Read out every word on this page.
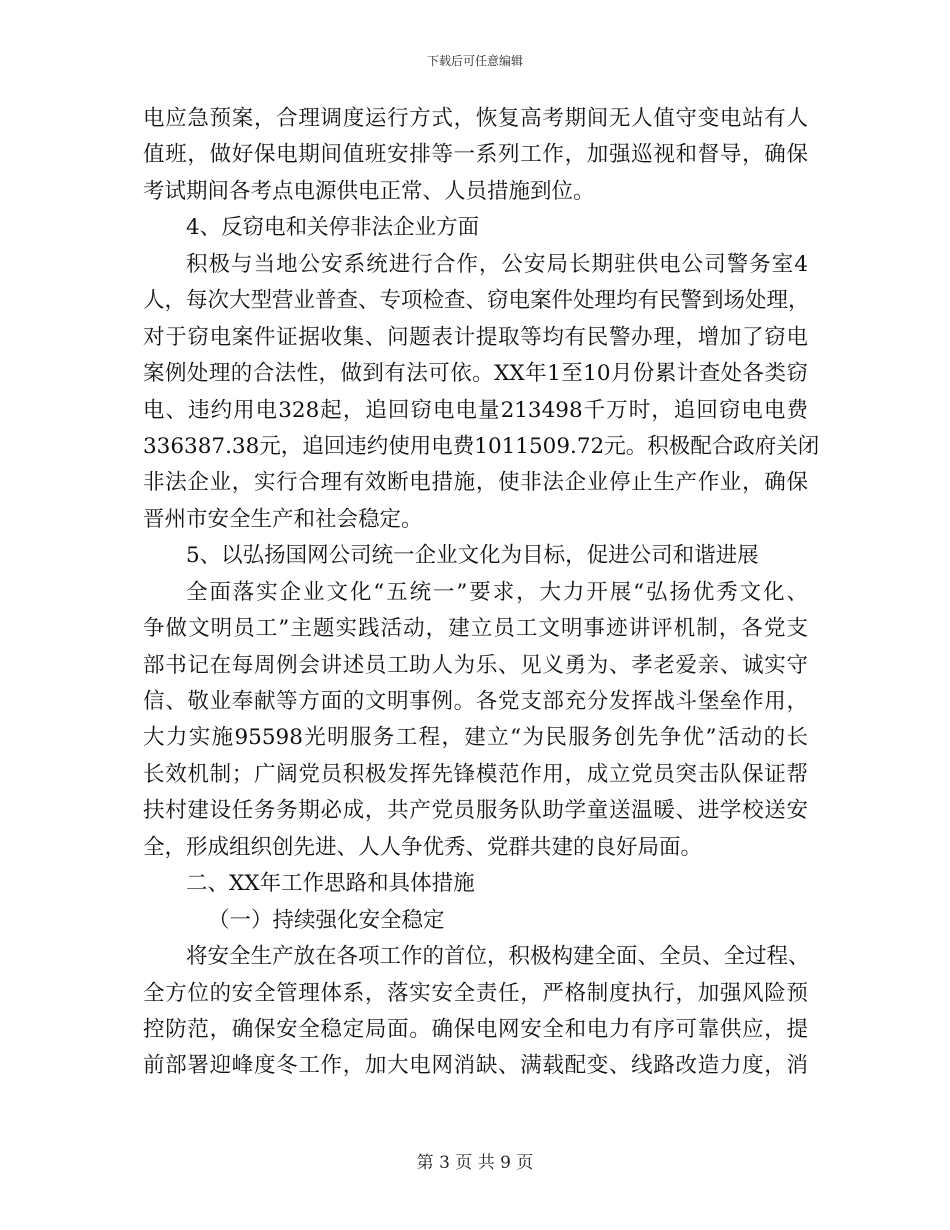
下载后可任意编辑
电应急预案，合理调度运行方式，恢复高考期间无人值守变电站有人
值班，做好保电期间值班安排等一系列工作，加强巡视和督导，确保
考试期间各考点电源供电正常、人员措施到位。
4、反窃电和关停非法企业方面
积极与当地公安系统进行合作，公安局长期驻供电公司警务室4
人，每次大型营业普查、专项检查、窃电案件处理均有民警到场处理，
对于窃电案件证据收集、问题表计提取等均有民警办理，增加了窃电
案例处理的合法性，做到有法可依。XX年1至10月份累计查处各类窃
电、违约用电328起，追回窃电电量213498千万时，追回窃电电费
336387.38元，追回违约使用电费1011509.72元。积极配合政府关闭
非法企业，实行合理有效断电措施，使非法企业停止生产作业，确保
晋州市安全生产和社会稳定。
5、以弘扬国网公司统一企业文化为目标，促进公司和谐进展
全面落实企业文化“五统一”要求，大力开展“弘扬优秀文化、
争做文明员工”主题实践活动，建立员工文明事迹讲评机制，各党支
部书记在每周例会讲述员工助人为乐、见义勇为、孝老爱亲、诚实守
信、敬业奉献等方面的文明事例。各党支部充分发挥战斗堡垒作用，
大力实施95598光明服务工程，建立“为民服务创先争优”活动的长
长效机制；广阔党员积极发挥先锋模范作用，成立党员突击队保证帮
扶村建设任务务期必成，共产党员服务队助学童送温暖、进学校送安
全，形成组织创先进、人人争优秀、党群共建的良好局面。
二、XX年工作思路和具体措施
（一）持续强化安全稳定
将安全生产放在各项工作的首位，积极构建全面、全员、全过程、
全方位的安全管理体系，落实安全责任，严格制度执行，加强风险预
控防范，确保安全稳定局面。确保电网安全和电力有序可靠供应，提
前部署迎峰度冬工作，加大电网消缺、满载配变、线路改造力度，消
第 3 页 共 9 页
